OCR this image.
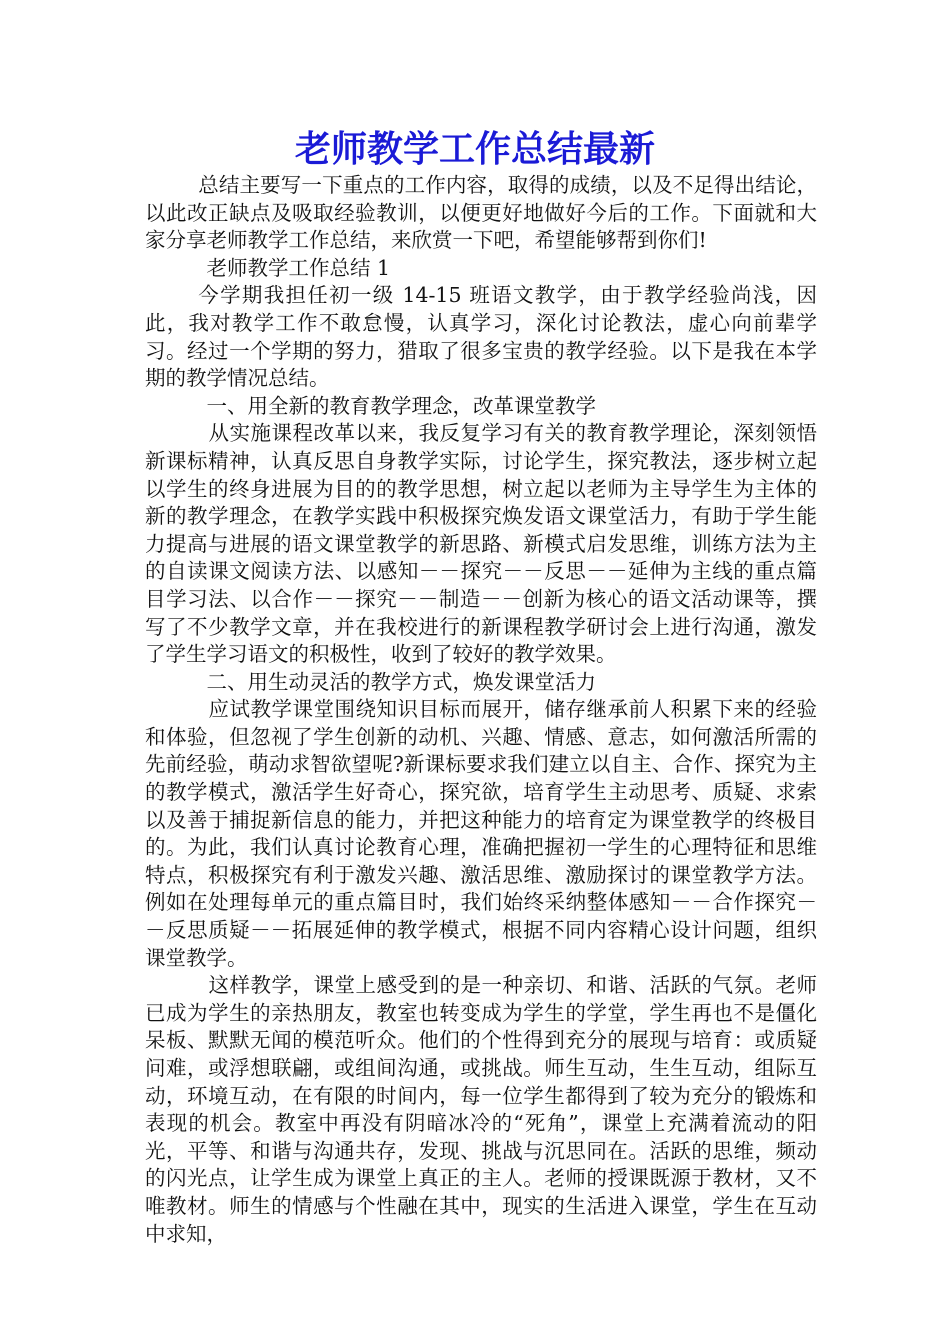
老师教学工作总结最新

总结主要写一下重点的工作内容，取得的成绩，以及不足得出结论，以此改正缺点及吸取经验教训，以便更好地做好今后的工作。下面就和大家分享老师教学工作总结，来欣赏一下吧，希望能够帮到你们!

老师教学工作总结 1

今学期我担任初一级 14-15 班语文教学，由于教学经验尚浅，因此，我对教学工作不敢怠慢，认真学习，深化讨论教法，虚心向前辈学习。经过一个学期的努力，猎取了很多宝贵的教学经验。以下是我在本学期的教学情况总结。

一、用全新的教育教学理念，改革课堂教学

从实施课程改革以来，我反复学习有关的教育教学理论，深刻领悟新课标精神，认真反思自身教学实际，讨论学生，探究教法，逐步树立起以学生的终身进展为目的的教学思想，树立起以老师为主导学生为主体的新的教学理念，在教学实践中积极探究焕发语文课堂活力，有助于学生能力提高与进展的语文课堂教学的新思路、新模式启发思维，训练方法为主的自读课文阅读方法、以感知－－探究－－反思－－延伸为主线的重点篇目学习法、以合作－－探究－－制造－－创新为核心的语文活动课等，撰写了不少教学文章，并在我校进行的新课程教学研讨会上进行沟通，激发了学生学习语文的积极性，收到了较好的教学效果。

二、用生动灵活的教学方式，焕发课堂活力

应试教学课堂围绕知识目标而展开，储存继承前人积累下来的经验和体验，但忽视了学生创新的动机、兴趣、情感、意志，如何激活所需的先前经验，萌动求智欲望呢?新课标要求我们建立以自主、合作、探究为主的教学模式，激活学生好奇心，探究欲，培育学生主动思考、质疑、求索以及善于捕捉新信息的能力，并把这种能力的培育定为课堂教学的终极目的。为此，我们认真讨论教育心理，准确把握初一学生的心理特征和思维特点，积极探究有利于激发兴趣、激活思维、激励探讨的课堂教学方法。例如在处理每单元的重点篇目时，我们始终采纳整体感知－－合作探究－－反思质疑－－拓展延伸的教学模式，根据不同内容精心设计问题，组织课堂教学。

这样教学，课堂上感受到的是一种亲切、和谐、活跃的气氛。老师已成为学生的亲热朋友，教室也转变成为学生的学堂，学生再也不是僵化呆板、默默无闻的模范听众。他们的个性得到充分的展现与培育：或质疑问难，或浮想联翩，或组间沟通，或挑战。师生互动，生生互动，组际互动，环境互动，在有限的时间内，每一位学生都得到了较为充分的锻炼和表现的机会。教室中再没有阴暗冰冷的“死角”，课堂上充满着流动的阳光，平等、和谐与沟通共存，发现、挑战与沉思同在。活跃的思维，频动的闪光点，让学生成为课堂上真正的主人。老师的授课既源于教材，又不唯教材。师生的情感与个性融在其中，现实的生活进入课堂，学生在互动中求知，
